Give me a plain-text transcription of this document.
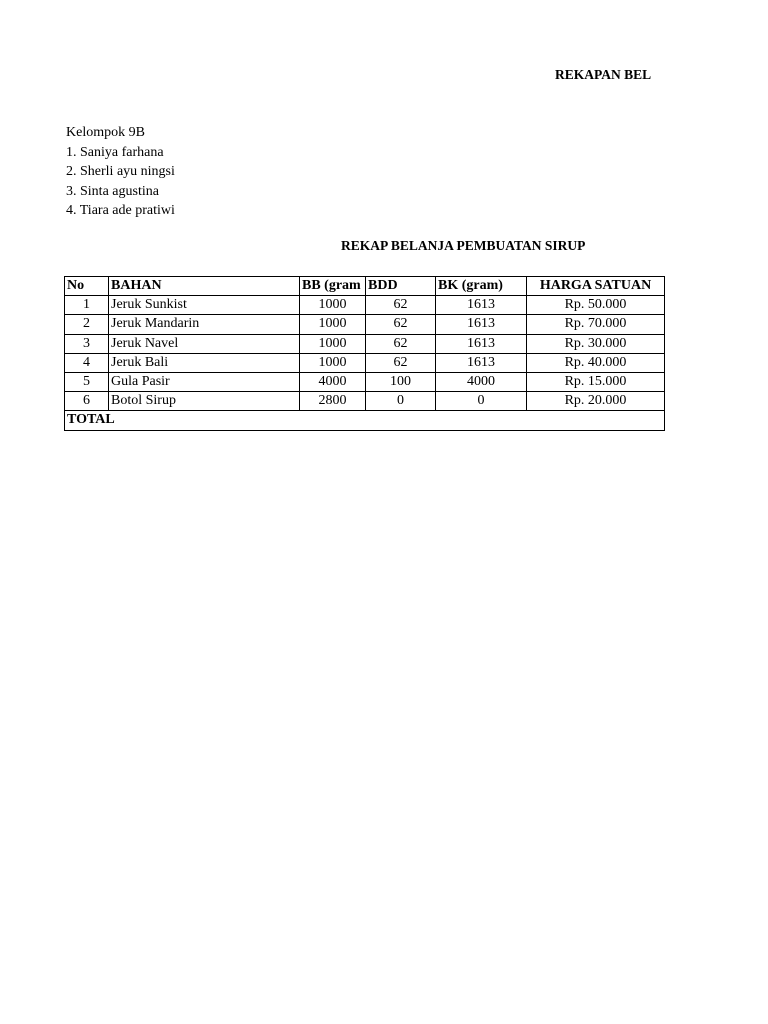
REKAPAN BEL
Kelompok 9B
1. Saniya farhana
2. Sherli ayu ningsi
3. Sinta agustina
4. Tiara ade pratiwi
REKAP BELANJA PEMBUATAN SIRUP
No	BAHAN	BB (gram	BDD	BK (gram)	HARGA SATUAN
1	Jeruk Sunkist	1000	62	1613	Rp. 50.000
2	Jeruk Mandarin	1000	62	1613	Rp. 70.000
3	Jeruk Navel	1000	62	1613	Rp. 30.000
4	Jeruk Bali	1000	62	1613	Rp. 40.000
5	Gula Pasir	4000	100	4000	Rp. 15.000
6	Botol Sirup	2800	0	0	Rp. 20.000
TOTAL					
